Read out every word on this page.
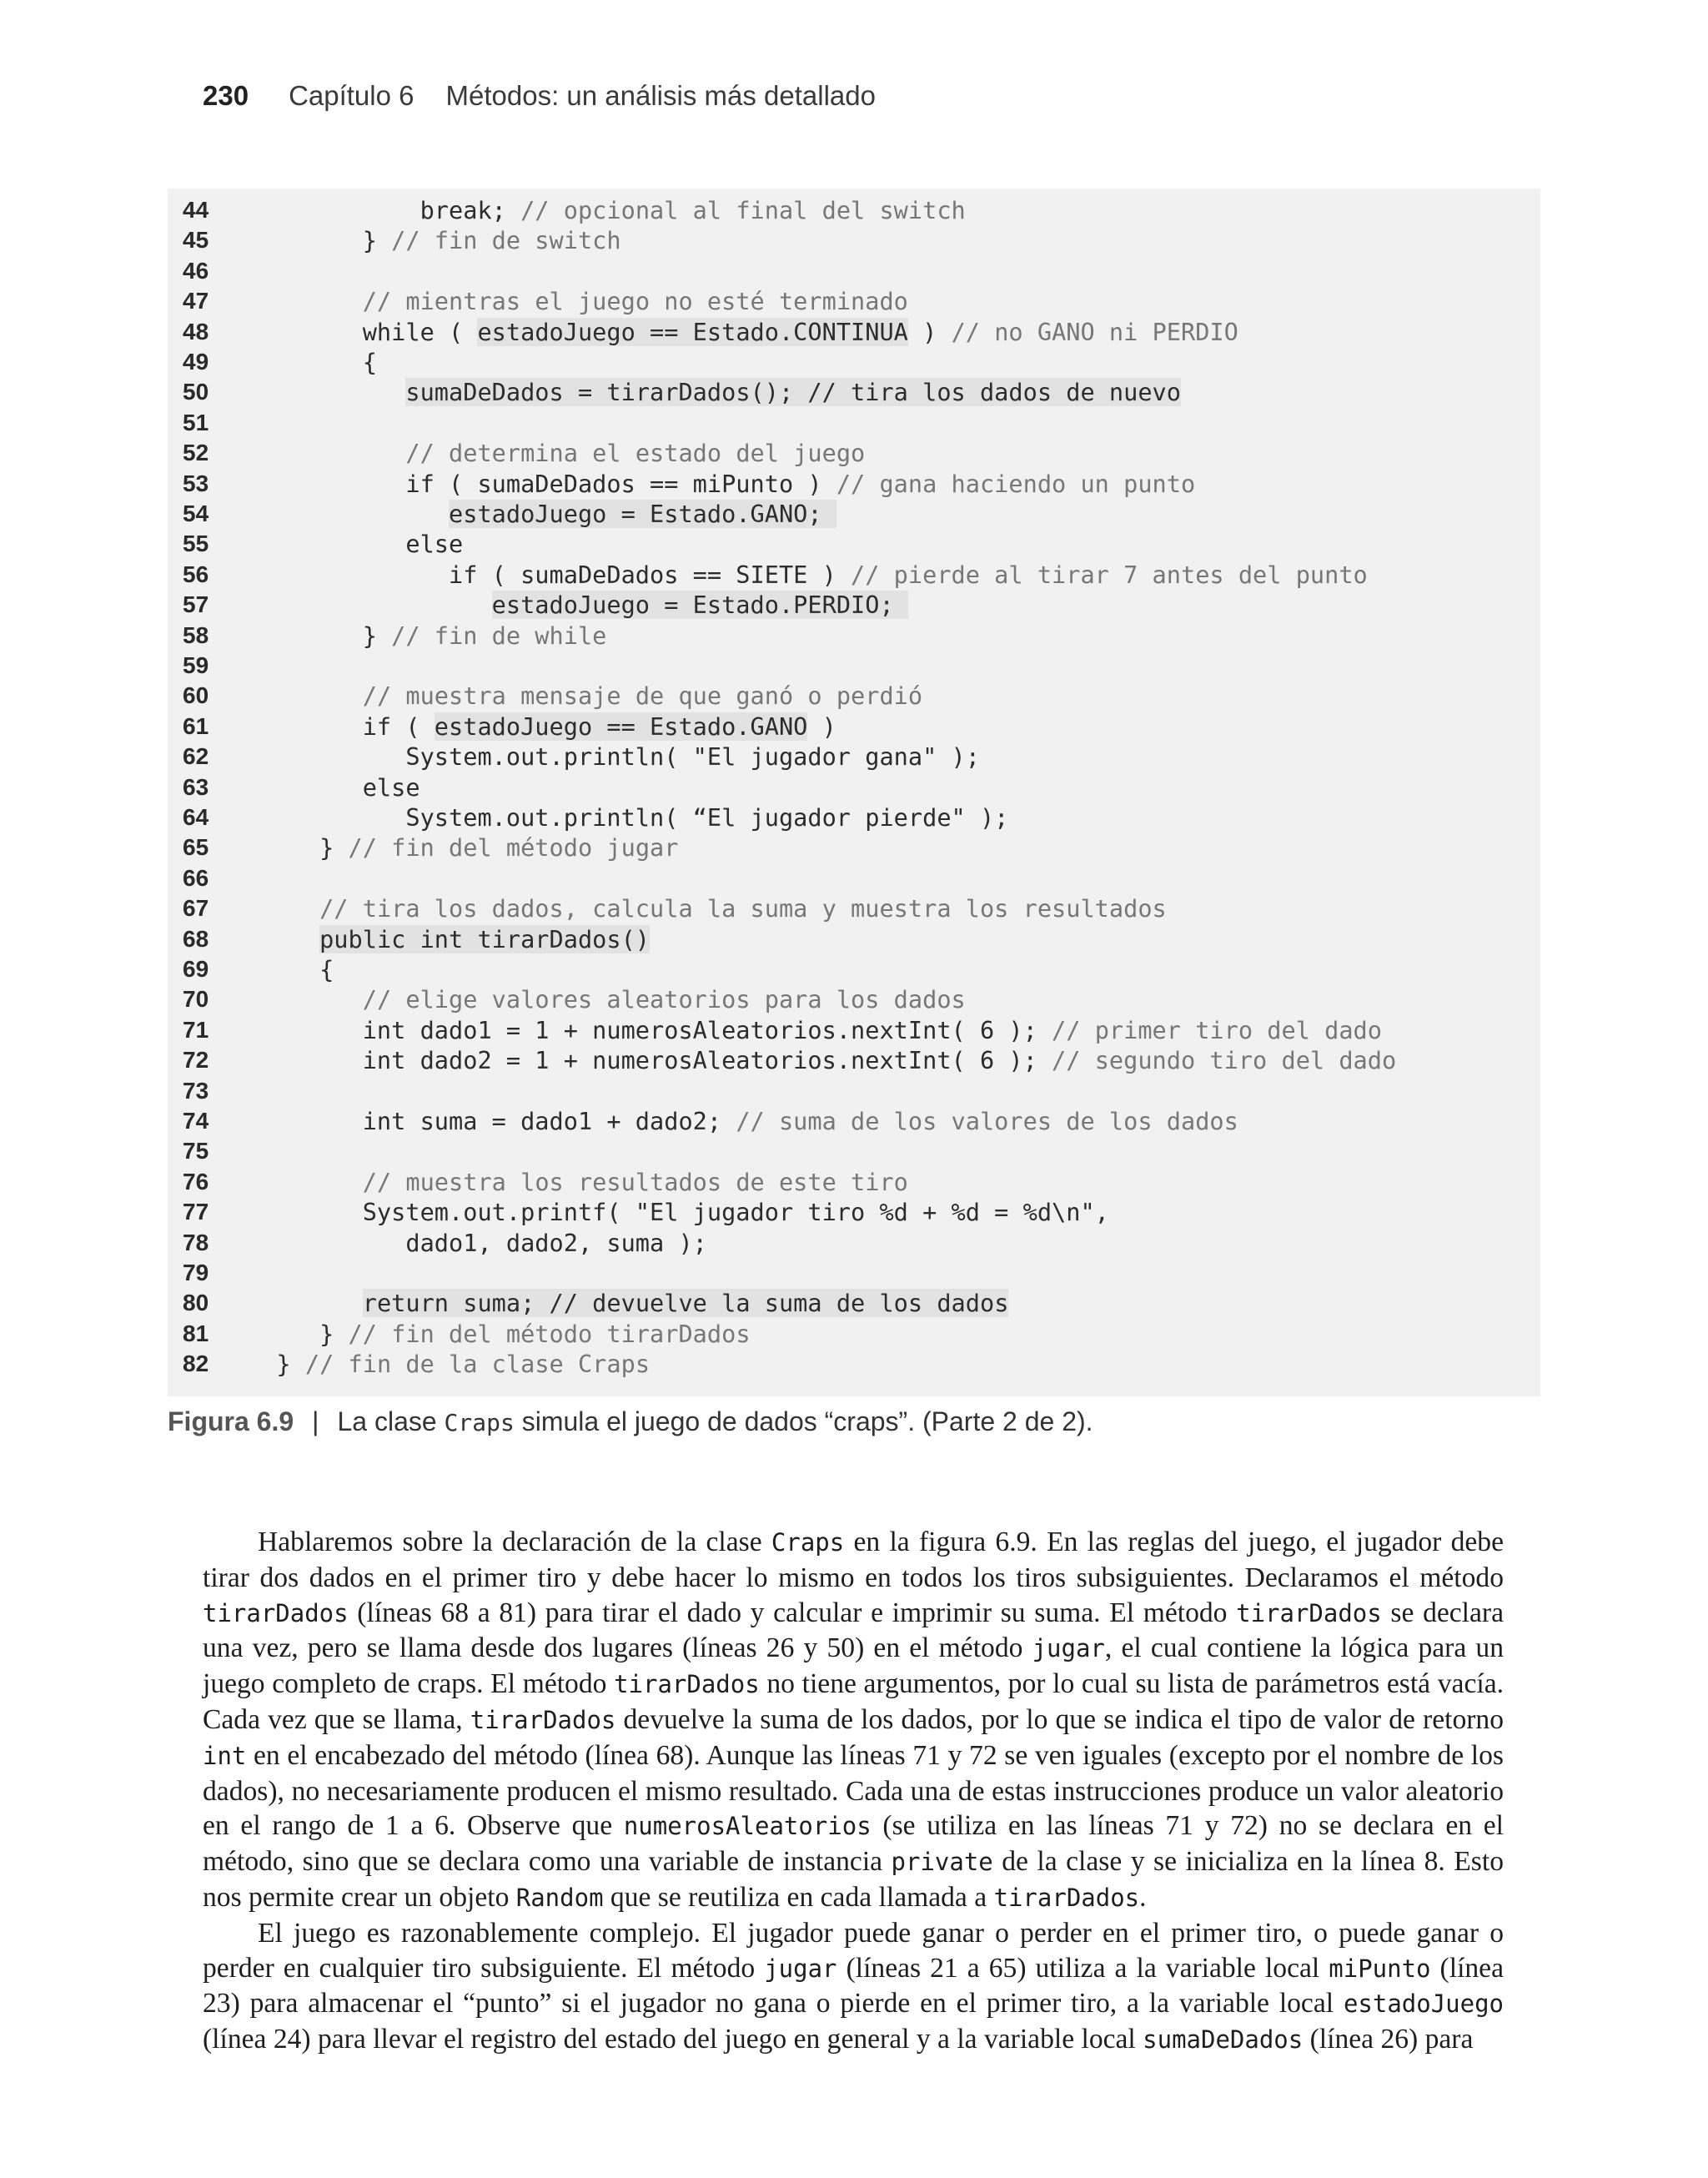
230 Capítulo 6 Métodos: un análisis más detallado
44	break; // opcional al final del switch
45	} // fin de switch
46
47	// mientras el juego no esté terminado
48	while ( estadoJuego == Estado.CONTINUA ) // no GANO ni PERDIO
49	{
50	sumaDeDados = tirarDados(); // tira los dados de nuevo
51
52	// determina el estado del juego
53	if ( sumaDeDados == miPunto ) // gana haciendo un punto
54	estadoJuego = Estado.GANO;
55	else
56	if ( sumaDeDados == SIETE ) // pierde al tirar 7 antes del punto
57	estadoJuego = Estado.PERDIO;
58	} // fin de while
59
60	// muestra mensaje de que ganó o perdió
61	if ( estadoJuego == Estado.GANO )
62	System.out.println( "El jugador gana" );
63	else
64	System.out.println( “El jugador pierde" );
65	} // fin del método jugar
66
67	// tira los dados, calcula la suma y muestra los resultados
68	public int tirarDados()
69	{
70	// elige valores aleatorios para los dados
71	int dado1 = 1 + numerosAleatorios.nextInt( 6 ); // primer tiro del dado
72	int dado2 = 1 + numerosAleatorios.nextInt( 6 ); // segundo tiro del dado
73
74	int suma = dado1 + dado2; // suma de los valores de los dados
75
76	// muestra los resultados de este tiro
77	System.out.printf( "El jugador tiro %d + %d = %d\n",
78	dado1, dado2, suma );
79
80	return suma; // devuelve la suma de los dados
81	} // fin del método tirarDados
82	} // fin de la clase Craps
Figura 6.9 | La clase Craps simula el juego de dados “craps”. (Parte 2 de 2).

Hablaremos sobre la declaración de la clase Craps en la figura 6.9. En las reglas del juego, el jugador debe tirar dos dados en el primer tiro y debe hacer lo mismo en todos los tiros subsiguientes. Declaramos el método tirarDados (líneas 68 a 81) para tirar el dado y calcular e imprimir su suma. El método tirarDados se declara una vez, pero se llama desde dos lugares (líneas 26 y 50) en el método jugar, el cual contiene la lógica para un juego completo de craps. El método tirarDados no tiene argumentos, por lo cual su lista de parámetros está vacía. Cada vez que se llama, tirarDados devuelve la suma de los dados, por lo que se indica el tipo de valor de retorno int en el encabezado del método (línea 68). Aunque las líneas 71 y 72 se ven iguales (excepto por el nombre de los dados), no necesariamente producen el mismo resultado. Cada una de estas instrucciones produce un valor aleatorio en el rango de 1 a 6. Observe que numerosAleatorios (se utiliza en las líneas 71 y 72) no se declara en el método, sino que se declara como una variable de instancia private de la clase y se inicializa en la línea 8. Esto nos permite crear un objeto Random que se reutiliza en cada llamada a tirarDados.

El juego es razonablemente complejo. El jugador puede ganar o perder en el primer tiro, o puede ganar o perder en cualquier tiro subsiguiente. El método jugar (líneas 21 a 65) utiliza a la variable local miPunto (línea 23) para almacenar el “punto” si el jugador no gana o pierde en el primer tiro, a la variable local estadoJuego (línea 24) para llevar el registro del estado del juego en general y a la variable local sumaDeDados (línea 26) para
